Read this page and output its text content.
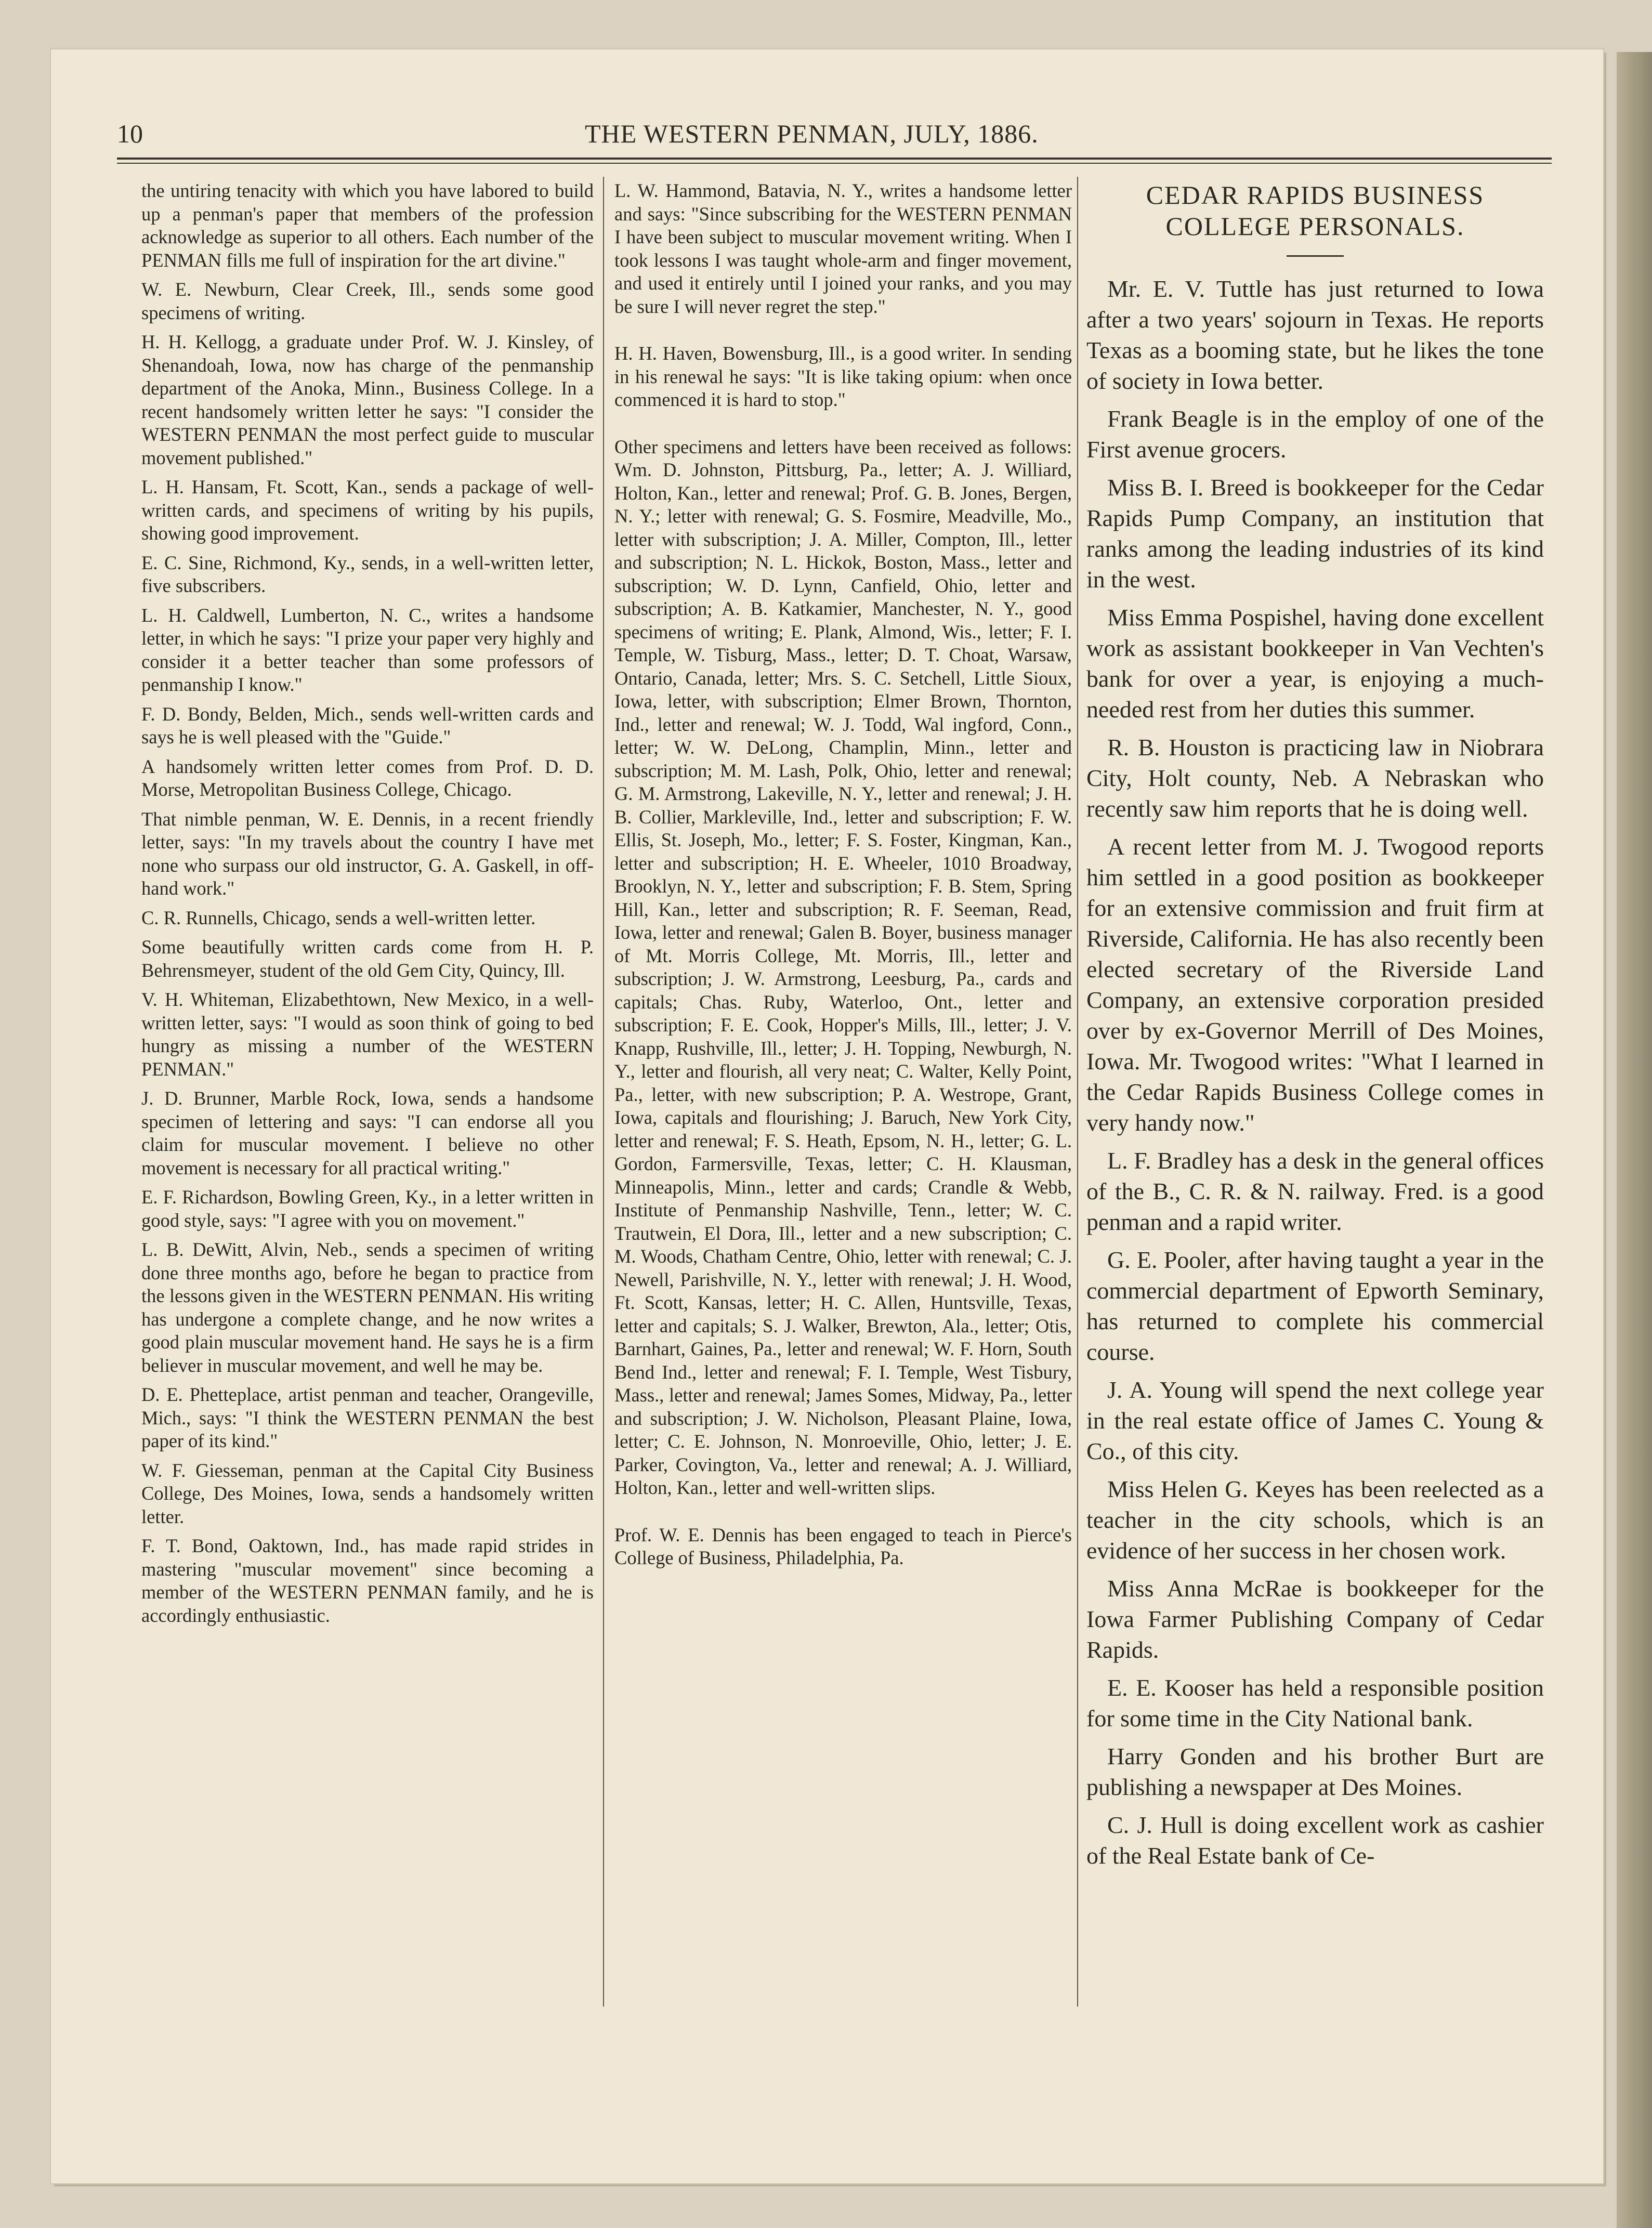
10	THE WESTERN PENMAN, JULY, 1886.

the untiring tenacity with which you have labored to build up a penman's paper that members of the profession acknowledge as superior to all others. Each number of the PENMAN fills me full of inspiration for the art divine."

W. E. Newburn, Clear Creek, Ill., sends some good specimens of writing.

H. H. Kellogg, a graduate under Prof. W. J. Kinsley, of Shenandoah, Iowa, now has charge of the penmanship department of the Anoka, Minn., Business College. In a recent handsomely written letter he says: "I consider the WESTERN PENMAN the most perfect guide to muscular movement published."

L. H. Hansam, Ft. Scott, Kan., sends a package of well-written cards, and specimens of writing by his pupils, showing good improvement.

E. C. Sine, Richmond, Ky., sends, in a well-written letter, five subscribers.

L. H. Caldwell, Lumberton, N. C., writes a handsome letter, in which he says: "I prize your paper very highly and consider it a better teacher than some professors of penmanship I know."

F. D. Bondy, Belden, Mich., sends well-written cards and says he is well pleased with the "Guide."

A handsomely written letter comes from Prof. D. D. Morse, Metropolitan Business College, Chicago.

That nimble penman, W. E. Dennis, in a recent friendly letter, says: "In my travels about the country I have met none who surpass our old instructor, G. A. Gaskell, in off-hand work."

C. R. Runnells, Chicago, sends a well-written letter.

Some beautifully written cards come from H. P. Behrensmeyer, student of the old Gem City, Quincy, Ill.

V. H. Whiteman, Elizabethtown, New Mexico, in a well-written letter, says: "I would as soon think of going to bed hungry as missing a number of the WESTERN PENMAN."

J. D. Brunner, Marble Rock, Iowa, sends a handsome specimen of lettering and says: "I can endorse all you claim for muscular movement. I believe no other movement is necessary for all practical writing."

E. F. Richardson, Bowling Green, Ky., in a letter written in good style, says: "I agree with you on movement."

L. B. DeWitt, Alvin, Neb., sends a specimen of writing done three months ago, before he began to practice from the lessons given in the WESTERN PENMAN. His writing has undergone a complete change, and he now writes a good plain muscular movement hand. He says he is a firm believer in muscular movement, and well he may be.

D. E. Phetteplace, artist penman and teacher, Orangeville, Mich., says: "I think the WESTERN PENMAN the best paper of its kind."

W. F. Giesseman, penman at the Capital City Business College, Des Moines, Iowa, sends a handsomely written letter.

F. T. Bond, Oaktown, Ind., has made rapid strides in mastering "muscular movement" since becoming a member of the WESTERN PENMAN family, and he is accordingly enthusiastic.

L. W. Hammond, Batavia, N. Y., writes a handsome letter and says: "Since subscribing for the WESTERN PENMAN I have been subject to muscular movement writing. When I took lessons I was taught whole-arm and finger movement, and used it entirely until I joined your ranks, and you may be sure I will never regret the step."

H. H. Haven, Bowensburg, Ill., is a good writer. In sending in his renewal he says: "It is like taking opium: when once commenced it is hard to stop."

Other specimens and letters have been received as follows: Wm. D. Johnston, Pittsburg, Pa., letter; A. J. Williard, Holton, Kan., letter and renewal; Prof. G. B. Jones, Bergen, N. Y.; letter with renewal; G. S. Fosmire, Meadville, Mo., letter with subscription; J. A. Miller, Compton, Ill., letter and subscription; N. L. Hickok, Boston, Mass., letter and subscription; W. D. Lynn, Canfield, Ohio, letter and subscription; A. B. Katkamier, Manchester, N. Y., good specimens of writing; E. Plank, Almond, Wis., letter; F. I. Temple, W. Tisburg, Mass., letter; D. T. Choat, Warsaw, Ontario, Canada, letter; Mrs. S. C. Setchell, Little Sioux, Iowa, letter, with subscription; Elmer Brown, Thornton, Ind., letter and renewal; W. J. Todd, Wal ingford, Conn., letter; W. W. DeLong, Champlin, Minn., letter and subscription; M. M. Lash, Polk, Ohio, letter and renewal; G. M. Armstrong, Lakeville, N. Y., letter and renewal; J. H. B. Collier, Markleville, Ind., letter and subscription; F. W. Ellis, St. Joseph, Mo., letter; F. S. Foster, Kingman, Kan., letter and subscription; H. E. Wheeler, 1010 Broadway, Brooklyn, N. Y., letter and subscription; F. B. Stem, Spring Hill, Kan., letter and subscription; R. F. Seeman, Read, Iowa, letter and renewal; Galen B. Boyer, business manager of Mt. Morris College, Mt. Morris, Ill., letter and subscription; J. W. Armstrong, Leesburg, Pa., cards and capitals; Chas. Ruby, Waterloo, Ont., letter and subscription; F. E. Cook, Hopper's Mills, Ill., letter; J. V. Knapp, Rushville, Ill., letter; J. H. Topping, Newburgh, N. Y., letter and flourish, all very neat; C. Walter, Kelly Point, Pa., letter, with new subscription; P. A. Westrope, Grant, Iowa, capitals and flourishing; J. Baruch, New York City, letter and renewal; F. S. Heath, Epsom, N. H., letter; G. L. Gordon, Farmersville, Texas, letter; C. H. Klausman, Minneapolis, Minn., letter and cards; Crandle & Webb, Institute of Penmanship Nashville, Tenn., letter; W. C. Trautwein, El Dora, Ill., letter and a new subscription; C. M. Woods, Chatham Centre, Ohio, letter with renewal; C. J. Newell, Parishville, N. Y., letter with renewal; J. H. Wood, Ft. Scott, Kansas, letter; H. C. Allen, Huntsville, Texas, letter and capitals; S. J. Walker, Brewton, Ala., letter; Otis, Barnhart, Gaines, Pa., letter and renewal; W. F. Horn, South Bend Ind., letter and renewal; F. I. Temple, West Tisbury, Mass., letter and renewal; James Somes, Midway, Pa., letter and subscription; J. W. Nicholson, Pleasant Plaine, Iowa, letter; C. E. Johnson, N. Monroeville, Ohio, letter; J. E. Parker, Covington, Va., letter and renewal; A. J. Williard, Holton, Kan., letter and well-written slips.

Prof. W. E. Dennis has been engaged to teach in Pierce's College of Business, Philadelphia, Pa.

CEDAR RAPIDS BUSINESS COLLEGE PERSONALS.

Mr. E. V. Tuttle has just returned to Iowa after a two years' sojourn in Texas. He reports Texas as a booming state, but he likes the tone of society in Iowa better.

Frank Beagle is in the employ of one of the First avenue grocers.

Miss B. I. Breed is bookkeeper for the Cedar Rapids Pump Company, an institution that ranks among the leading industries of its kind in the west.

Miss Emma Pospishel, having done excellent work as assistant bookkeeper in Van Vechten's bank for over a year, is enjoying a much-needed rest from her duties this summer.

R. B. Houston is practicing law in Niobrara City, Holt county, Neb. A Nebraskan who recently saw him reports that he is doing well.

A recent letter from M. J. Twogood reports him settled in a good position as bookkeeper for an extensive commission and fruit firm at Riverside, California. He has also recently been elected secretary of the Riverside Land Company, an extensive corporation presided over by ex-Governor Merrill of Des Moines, Iowa. Mr. Twogood writes: "What I learned in the Cedar Rapids Business College comes in very handy now."

L. F. Bradley has a desk in the general offices of the B., C. R. & N. railway. Fred. is a good penman and a rapid writer.

G. E. Pooler, after having taught a year in the commercial department of Epworth Seminary, has returned to complete his commercial course.

J. A. Young will spend the next college year in the real estate office of James C. Young & Co., of this city.

Miss Helen G. Keyes has been reelected as a teacher in the city schools, which is an evidence of her success in her chosen work.

Miss Anna McRae is bookkeeper for the Iowa Farmer Publishing Company of Cedar Rapids.

E. E. Kooser has held a responsible position for some time in the City National bank.

Harry Gonden and his brother Burt are publishing a newspaper at Des Moines.

C. J. Hull is doing excellent work as cashier of the Real Estate bank of Ce-
